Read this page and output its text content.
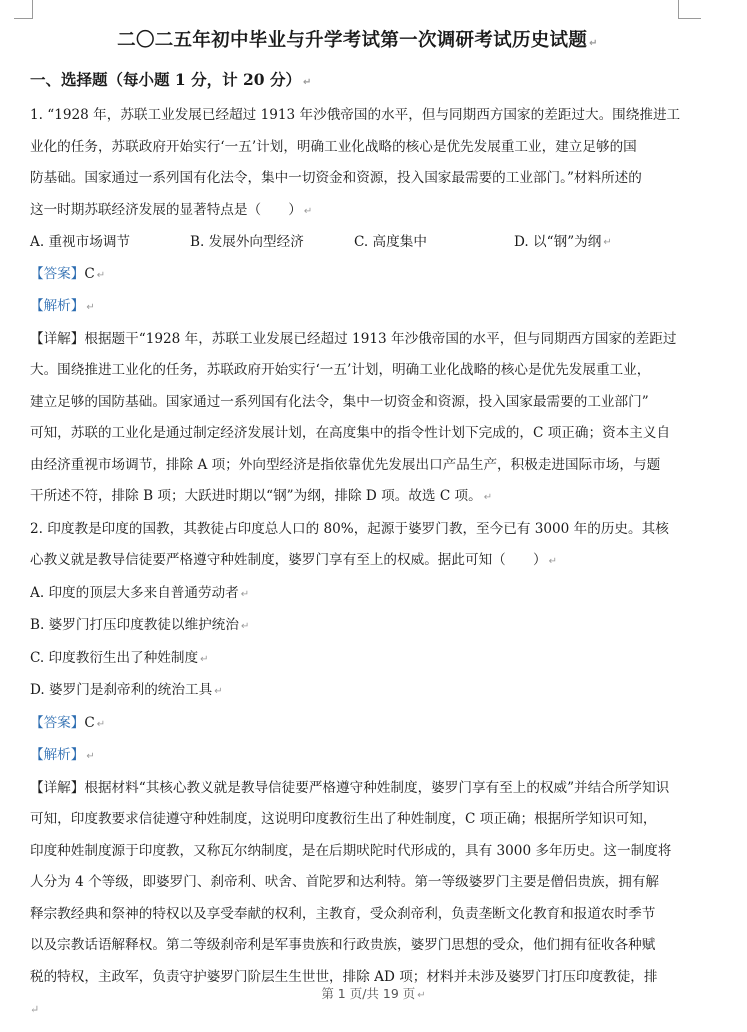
二〇二五年初中毕业与升学考试第一次调研考试历史试题 ↵
一、选择题（每小题 1 分，计 20 分） ↵

1. “1928 年，苏联工业发展已经超过 1913 年沙俄帝国的水平，但与同期西方国家的差距过大。围绕推进工

业化的任务，苏联政府开始实行‘一五’计划，明确工业化战略的核心是优先发展重工业，建立足够的国

防基础。国家通过一系列国有化法令，集中一切资金和资源，投入国家最需要的工业部门。”材料所述的

这一时期苏联经济发展的显著特点是（　　） ↵

A. 重视市场调节	B. 发展外向型经济	C. 高度集中	D. 以“钢”为纲 ↵

【答案】C ↵

【解析】 ↵

【详解】根据题干“1928 年，苏联工业发展已经超过 1913 年沙俄帝国的水平，但与同期西方国家的差距过

大。围绕推进工业化的任务，苏联政府开始实行‘一五’计划，明确工业化战略的核心是优先发展重工业，

建立足够的国防基础。国家通过一系列国有化法令，集中一切资金和资源，投入国家最需要的工业部门”

可知，苏联的工业化是通过制定经济发展计划，在高度集中的指令性计划下完成的，C 项正确；资本主义自

由经济重视市场调节，排除 A 项；外向型经济是指依靠优先发展出口产品生产，积极走进国际市场，与题

干所述不符，排除 B 项；大跃进时期以“钢”为纲，排除 D 项。故选 C 项。 ↵

2. 印度教是印度的国教，其教徒占印度总人口的 80%，起源于婆罗门教，至今已有 3000 年的历史。其核

心教义就是教导信徒要严格遵守种姓制度，婆罗门享有至上的权威。据此可知（　　） ↵

A. 印度的顶层大多来自普通劳动者 ↵

B. 婆罗门打压印度教徒以维护统治 ↵

C. 印度教衍生出了种姓制度 ↵

D. 婆罗门是刹帝利的统治工具 ↵

【答案】C ↵

【解析】 ↵

【详解】根据材料“其核心教义就是教导信徒要严格遵守种姓制度，婆罗门享有至上的权威”并结合所学知识

可知，印度教要求信徒遵守种姓制度，这说明印度教衍生出了种姓制度，C 项正确；根据所学知识可知，

印度种姓制度源于印度教，又称瓦尔纳制度，是在后期吠陀时代形成的，具有 3000 多年历史。这一制度将

人分为 4 个等级，即婆罗门、刹帝利、吠舍、首陀罗和达利特。第一等级婆罗门主要是僧侣贵族，拥有解

释宗教经典和祭神的特权以及享受奉献的权利，主教育，受众刹帝利，负责垄断文化教育和报道农时季节

以及宗教话语解释权。第二等级刹帝利是军事贵族和行政贵族，婆罗门思想的受众，他们拥有征收各种赋

税的特权，主政军，负责守护婆罗门阶层生生世世，排除 AD 项；材料并未涉及婆罗门打压印度教徒，排

第 1 页/共 19 页 ↵
↵
